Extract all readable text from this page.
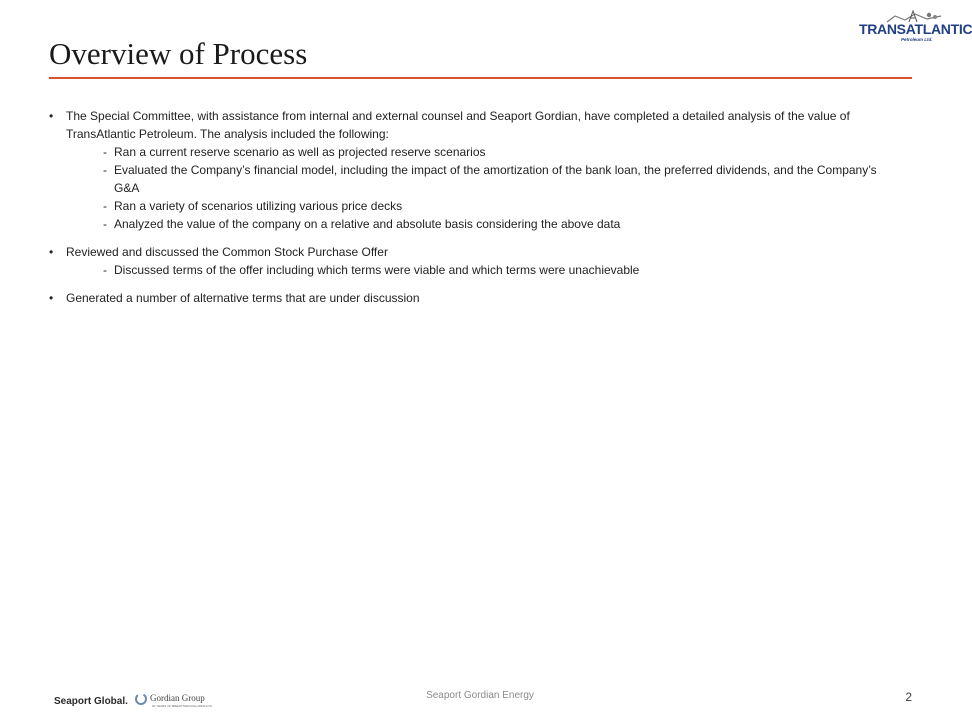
Overview of Process
TRANSATLANTIC
Petroleum Ltd.
• The Special Committee, with assistance from internal and external counsel and Seaport Gordian, have completed a detailed analysis of the value of TransAtlantic Petroleum. The analysis included the following:
- Ran a current reserve scenario as well as projected reserve scenarios
- Evaluated the Company’s financial model, including the impact of the amortization of the bank loan, the preferred dividends, and the Company’s G&A
- Ran a variety of scenarios utilizing various price decks
- Analyzed the value of the company on a relative and absolute basis considering the above data
• Reviewed and discussed the Common Stock Purchase Offer
- Discussed terms of the offer including which terms were viable and which terms were unachievable
• Generated a number of alternative terms that are under discussion
Seaport Global. Gordian Group
30 YEARS OF BREAKTHROUGH RESULTS
Seaport Gordian Energy	2
